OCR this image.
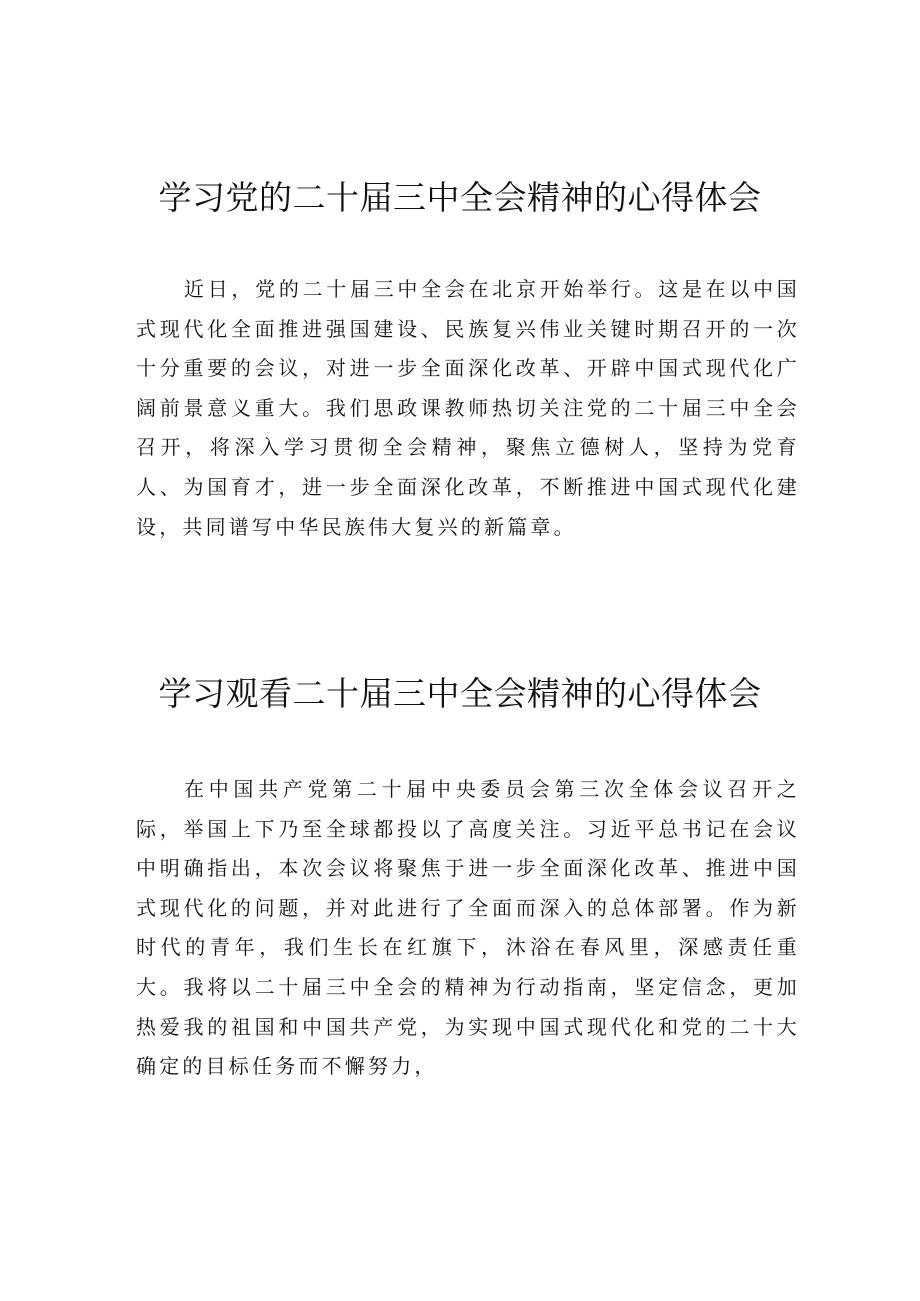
学习党的二十届三中全会精神的心得体会

近日，党的二十届三中全会在北京开始举行。这是在以中国式现代化全面推进强国建设、民族复兴伟业关键时期召开的一次十分重要的会议，对进一步全面深化改革、开辟中国式现代化广阔前景意义重大。我们思政课教师热切关注党的二十届三中全会召开，将深入学习贯彻全会精神，聚焦立德树人，坚持为党育人、为国育才，进一步全面深化改革，不断推进中国式现代化建设，共同谱写中华民族伟大复兴的新篇章。

学习观看二十届三中全会精神的心得体会

在中国共产党第二十届中央委员会第三次全体会议召开之际，举国上下乃至全球都投以了高度关注。习近平总书记在会议中明确指出，本次会议将聚焦于进一步全面深化改革、推进中国式现代化的问题，并对此进行了全面而深入的总体部署。作为新时代的青年，我们生长在红旗下，沐浴在春风里，深感责任重大。我将以二十届三中全会的精神为行动指南，坚定信念，更加热爱我的祖国和中国共产党，为实现中国式现代化和党的二十大确定的目标任务而不懈努力，
